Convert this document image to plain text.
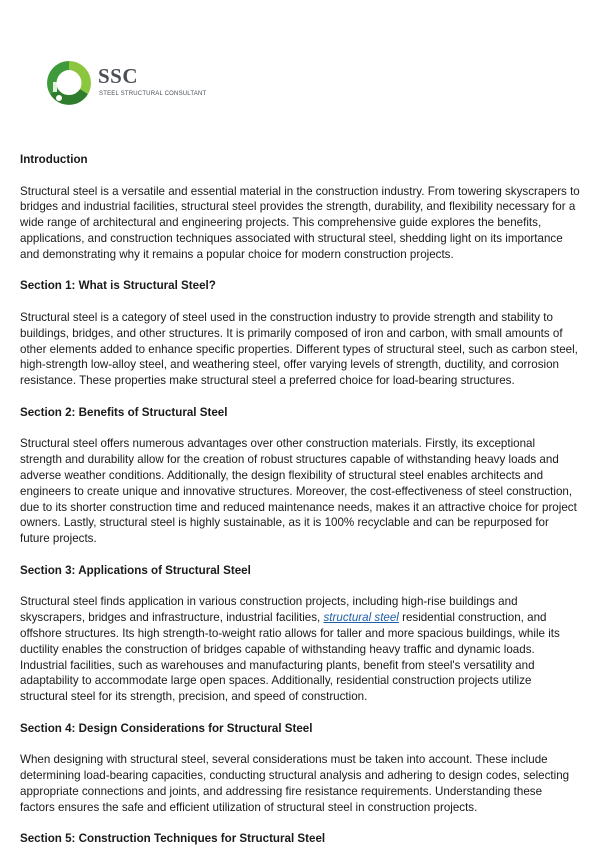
SSC
STEEL STRUCTURAL CONSULTANT
Introduction

Structural steel is a versatile and essential material in the construction industry. From towering skyscrapers to bridges and industrial facilities, structural steel provides the strength, durability, and flexibility necessary for a wide range of architectural and engineering projects. This comprehensive guide explores the benefits, applications, and construction techniques associated with structural steel, shedding light on its importance and demonstrating why it remains a popular choice for modern construction projects.

Section 1: What is Structural Steel?

Structural steel is a category of steel used in the construction industry to provide strength and stability to buildings, bridges, and other structures. It is primarily composed of iron and carbon, with small amounts of other elements added to enhance specific properties. Different types of structural steel, such as carbon steel, high-strength low-alloy steel, and weathering steel, offer varying levels of strength, ductility, and corrosion resistance. These properties make structural steel a preferred choice for load-bearing structures.

Section 2: Benefits of Structural Steel

Structural steel offers numerous advantages over other construction materials. Firstly, its exceptional strength and durability allow for the creation of robust structures capable of withstanding heavy loads and adverse weather conditions. Additionally, the design flexibility of structural steel enables architects and engineers to create unique and innovative structures. Moreover, the cost-effectiveness of steel construction, due to its shorter construction time and reduced maintenance needs, makes it an attractive choice for project owners. Lastly, structural steel is highly sustainable, as it is 100% recyclable and can be repurposed for future projects.

Section 3: Applications of Structural Steel

Structural steel finds application in various construction projects, including high-rise buildings and skyscrapers, bridges and infrastructure, industrial facilities, structural steel residential construction, and offshore structures. Its high strength-to-weight ratio allows for taller and more spacious buildings, while its ductility enables the construction of bridges capable of withstanding heavy traffic and dynamic loads. Industrial facilities, such as warehouses and manufacturing plants, benefit from steel's versatility and adaptability to accommodate large open spaces. Additionally, residential construction projects utilize structural steel for its strength, precision, and speed of construction.

Section 4: Design Considerations for Structural Steel

When designing with structural steel, several considerations must be taken into account. These include determining load-bearing capacities, conducting structural analysis and adhering to design codes, selecting appropriate connections and joints, and addressing fire resistance requirements. Understanding these factors ensures the safe and efficient utilization of structural steel in construction projects.

Section 5: Construction Techniques for Structural Steel
